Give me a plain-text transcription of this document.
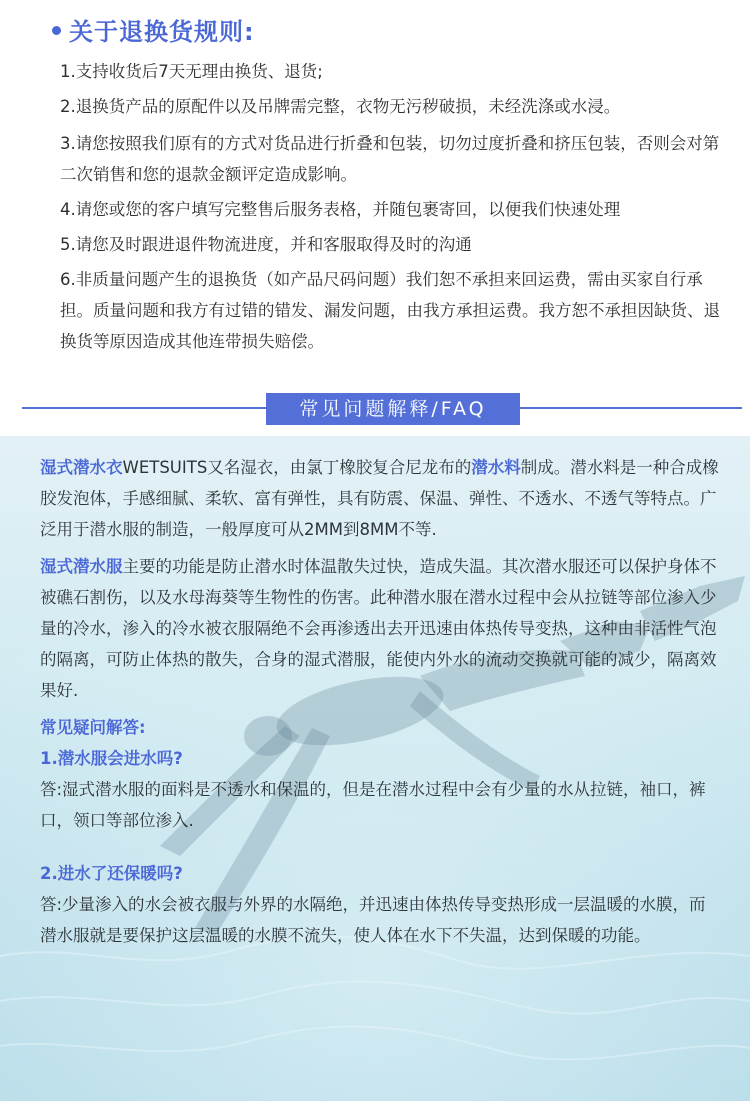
关于退换货规则:

1.支持收货后7天无理由换货、退货;

2.退换货产品的原配件以及吊牌需完整，衣物无污秽破损，未经洗涤或水浸。

3.请您按照我们原有的方式对货品进行折叠和包装，切勿过度折叠和挤压包装，否则会对第二次销售和您的退款金额评定造成影响。

4.请您或您的客户填写完整售后服务表格，并随包裹寄回，以便我们快速处理

5.请您及时跟进退件物流进度，并和客服取得及时的沟通

6.非质量问题产生的退换货（如产品尺码问题）我们恕不承担来回运费，需由买家自行承担。质量问题和我方有过错的错发、漏发问题，由我方承担运费。我方恕不承担因缺货、退换货等原因造成其他连带损失赔偿。

常见问题解释/FAQ
湿式潜水衣WETSUITS又名湿衣，由氯丁橡胶复合尼龙布的潜水料制成。潜水料是一种合成橡胶发泡体，手感细腻、柔软、富有弹性，具有防震、保温、弹性、不透水、不透气等特点。广泛用于潜水服的制造，一般厚度可从2MM到8MM不等.
湿式潜水服主要的功能是防止潜水时体温散失过快，造成失温。其次潜水服还可以保护身体不被礁石割伤，以及水母海葵等生物性的伤害。此种潜水服在潜水过程中会从拉链等部位渗入少量的冷水，渗入的冷水被衣服隔绝不会再渗透出去开迅速由体热传导变热，这种由非活性气泡的隔离，可防止体热的散失，合身的湿式潜服，能使内外水的流动交换就可能的减少，隔离效果好.
常见疑问解答:
1.潜水服会进水吗?
答:湿式潜水服的面料是不透水和保温的，但是在潜水过程中会有少量的水从拉链，袖口，裤口，领口等部位渗入.
2.进水了还保暖吗?
答:少量渗入的水会被衣服与外界的水隔绝，并迅速由体热传导变热形成一层温暖的水膜，而潜水服就是要保护这层温暖的水膜不流失，使人体在水下不失温，达到保暖的功能。
